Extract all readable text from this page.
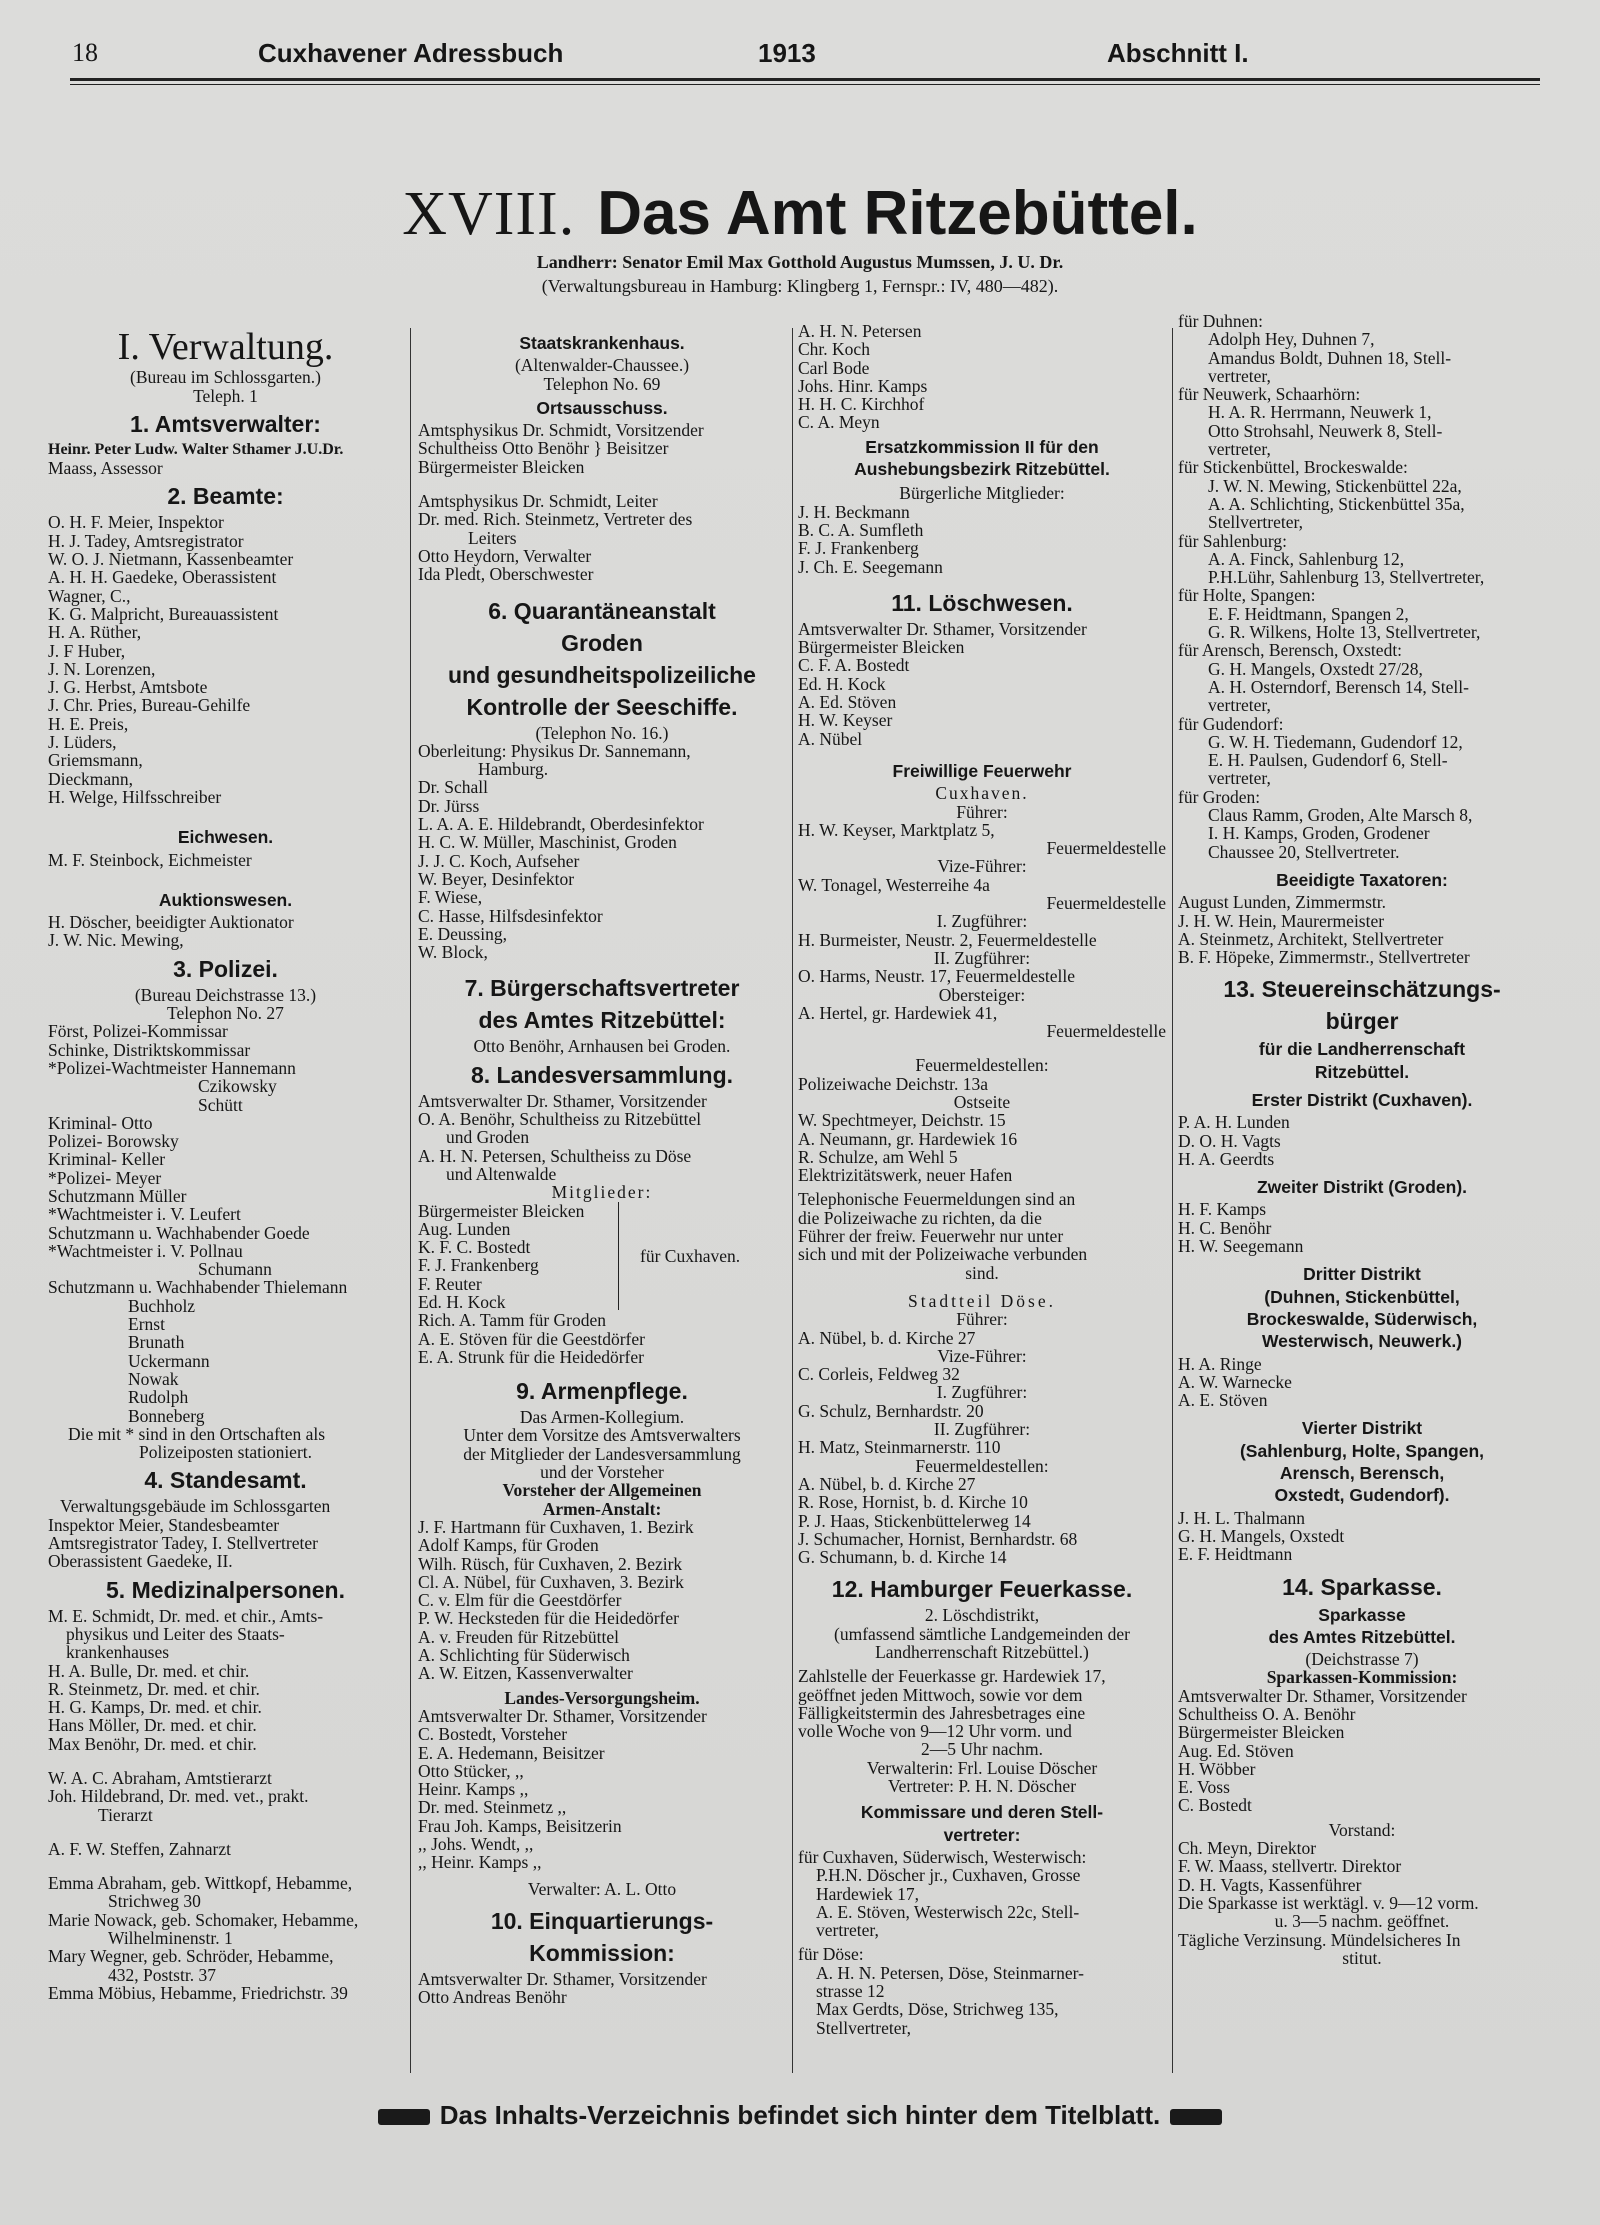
18	Cuxhavener Adressbuch	1913	Abschnitt I.
XVIII. Das Amt Ritzebüttel.
Landherr: Senator Emil Max Gotthold Augustus Mumssen, J. U. Dr.
(Verwaltungsbureau in Hamburg: Klingberg 1, Fernspr.: IV, 480—482).

I. Verwaltung.

(Bureau im Schlossgarten.)

Teleph. 1

1. Amtsverwalter:

Heinr. Peter Ludw. Walter Sthamer J.U.Dr.

Maass, Assessor

2. Beamte:

O. H. F. Meier, Inspektor

H. J. Tadey, Amtsregistrator

W. O. J. Nietmann, Kassenbeamter

A. H. H. Gaedeke, Oberassistent

Wagner, C.,

K. G. Malpricht, Bureauassistent

H. A. Rüther,

J. F Huber,

J. N. Lorenzen,

J. G. Herbst, Amtsbote

J. Chr. Pries, Bureau-Gehilfe

H. E. Preis,

J. Lüders,

Griemsmann,

Dieckmann,

H. Welge, Hilfsschreiber

Eichwesen.

M. F. Steinbock, Eichmeister

Auktionswesen.

H. Döscher, beeidigter Auktionator

J. W. Nic. Mewing,

3. Polizei.

(Bureau Deichstrasse 13.)

Telephon No. 27

Först, Polizei-Kommissar

Schinke, Distriktskommissar

*Polizei-Wachtmeister Hannemann

Czikowsky

Schütt

Kriminal- Otto

Polizei- Borowsky

Kriminal- Keller

*Polizei- Meyer

Schutzmann Müller

*Wachtmeister i. V. Leufert

Schutzmann u. Wachhabender Goede

*Wachtmeister i. V. Pollnau

Schumann

Schutzmann u. Wachhabender Thielemann

Buchholz

Ernst

Brunath

Uckermann

Nowak

Rudolph

Bonneberg

Die mit * sind in den Ortschaften als

Polizeiposten stationiert.

4. Standesamt.

Verwaltungsgebäude im Schlossgarten

Inspektor Meier, Standesbeamter

Amtsregistrator Tadey, I. Stellvertreter

Oberassistent Gaedeke, II.

5. Medizinalpersonen.

M. E. Schmidt, Dr. med. et chir., Amts-

physikus und Leiter des Staats-

krankenhauses

H. A. Bulle, Dr. med. et chir.

R. Steinmetz, Dr. med. et chir.

H. G. Kamps, Dr. med. et chir.

Hans Möller, Dr. med. et chir.

Max Benöhr, Dr. med. et chir.

W. A. C. Abraham, Amtstierarzt

Joh. Hildebrand, Dr. med. vet., prakt.

Tierarzt

A. F. W. Steffen, Zahnarzt

Emma Abraham, geb. Wittkopf, Hebamme,

Strichweg 30

Marie Nowack, geb. Schomaker, Hebamme,

Wilhelminenstr. 1

Mary Wegner, geb. Schröder, Hebamme,

432, Poststr. 37

Emma Möbius, Hebamme, Friedrichstr. 39

Staatskrankenhaus.

(Altenwalder-Chaussee.)

Telephon No. 69

Ortsausschuss.

Amtsphysikus Dr. Schmidt, Vorsitzender

Schultheiss Otto Benöhr } Beisitzer

Bürgermeister Bleicken

Amtsphysikus Dr. Schmidt, Leiter

Dr. med. Rich. Steinmetz, Vertreter des

Leiters

Otto Heydorn, Verwalter

Ida Pledt, Oberschwester

6. Quarantäneanstalt

Groden

und gesundheitspolizeiliche

Kontrolle der Seeschiffe.

(Telephon No. 16.)

Oberleitung: Physikus Dr. Sannemann,

Hamburg.

Dr. Schall

Dr. Jürss

L. A. A. E. Hildebrandt, Oberdesinfektor

H. C. W. Müller, Maschinist, Groden

J. J. C. Koch, Aufseher

W. Beyer, Desinfektor

F. Wiese,

C. Hasse, Hilfsdesinfektor

E. Deussing,

W. Block,

7. Bürgerschaftsvertreter

des Amtes Ritzebüttel:

Otto Benöhr, Arnhausen bei Groden.

8. Landesversammlung.

Amtsverwalter Dr. Sthamer, Vorsitzender

O. A. Benöhr, Schultheiss zu Ritzebüttel

und Groden

A. H. N. Petersen, Schultheiss zu Döse

und Altenwalde

Mitglieder:

Bürgermeister Bleicken

Aug. Lunden

K. F. C. Bostedt

F. J. Frankenberg

F. Reuter

Ed. H. Kock

für Cuxhaven.

Rich. A. Tamm für Groden

A. E. Stöven für die Geestdörfer

E. A. Strunk für die Heidedörfer

9. Armenpflege.

Das Armen-Kollegium.

Unter dem Vorsitze des Amtsverwalters

der Mitglieder der Landesversammlung

und der Vorsteher

Vorsteher der Allgemeinen

Armen-Anstalt:

J. F. Hartmann für Cuxhaven, 1. Bezirk

Adolf Kamps, für Groden

Wilh. Rüsch, für Cuxhaven, 2. Bezirk

Cl. A. Nübel, für Cuxhaven, 3. Bezirk

C. v. Elm für die Geestdörfer

P. W. Hecksteden für die Heidedörfer

A. v. Freuden für Ritzebüttel

A. Schlichting für Süderwisch

A. W. Eitzen, Kassenverwalter

Landes-Versorgungsheim.

Amtsverwalter Dr. Sthamer, Vorsitzender

C. Bostedt, Vorsteher

E. A. Hedemann, Beisitzer

Otto Stücker, ,,

Heinr. Kamps ,,

Dr. med. Steinmetz ,,

Frau Joh. Kamps, Beisitzerin

,, Johs. Wendt, ,,

,, Heinr. Kamps ,,

Verwalter: A. L. Otto

10. Einquartierungs-

Kommission:

Amtsverwalter Dr. Sthamer, Vorsitzender

Otto Andreas Benöhr

A. H. N. Petersen

Chr. Koch

Carl Bode

Johs. Hinr. Kamps

H. H. C. Kirchhof

C. A. Meyn

Ersatzkommission II für den

Aushebungsbezirk Ritzebüttel.

Bürgerliche Mitglieder:

J. H. Beckmann

B. C. A. Sumfleth

F. J. Frankenberg

J. Ch. E. Seegemann

11. Löschwesen.

Amtsverwalter Dr. Sthamer, Vorsitzender

Bürgermeister Bleicken

C. F. A. Bostedt

Ed. H. Kock

A. Ed. Stöven

H. W. Keyser

A. Nübel

Freiwillige Feuerwehr

Cuxhaven.

Führer:

H. W. Keyser, Marktplatz 5,

Feuermeldestelle

Vize-Führer:

W. Tonagel, Westerreihe 4a

Feuermeldestelle

I. Zugführer:

H. Burmeister, Neustr. 2, Feuermeldestelle

II. Zugführer:

O. Harms, Neustr. 17, Feuermeldestelle

Obersteiger:

A. Hertel, gr. Hardewiek 41,

Feuermeldestelle

Feuermeldestellen:

Polizeiwache Deichstr. 13a

Ostseite

W. Spechtmeyer, Deichstr. 15

A. Neumann, gr. Hardewiek 16

R. Schulze, am Wehl 5

Elektrizitätswerk, neuer Hafen

Telephonische Feuermeldungen sind an

die Polizeiwache zu richten, da die

Führer der freiw. Feuerwehr nur unter

sich und mit der Polizeiwache verbunden

sind.

Stadtteil Döse.

Führer:

A. Nübel, b. d. Kirche 27

Vize-Führer:

C. Corleis, Feldweg 32

I. Zugführer:

G. Schulz, Bernhardstr. 20

II. Zugführer:

H. Matz, Steinmarnerstr. 110

Feuermeldestellen:

A. Nübel, b. d. Kirche 27

R. Rose, Hornist, b. d. Kirche 10

P. J. Haas, Stickenbüttelerweg 14

J. Schumacher, Hornist, Bernhardstr. 68

G. Schumann, b. d. Kirche 14

12. Hamburger Feuerkasse.

2. Löschdistrikt,

(umfassend sämtliche Landgemeinden der

Landherrenschaft Ritzebüttel.)

Zahlstelle der Feuerkasse gr. Hardewiek 17,

geöffnet jeden Mittwoch, sowie vor dem

Fälligkeitstermin des Jahresbetrages eine

volle Woche von 9—12 Uhr vorm. und

2—5 Uhr nachm.

Verwalterin: Frl. Louise Döscher

Vertreter: P. H. N. Döscher

Kommissare und deren Stell-

vertreter:

für Cuxhaven, Süderwisch, Westerwisch:

P.H.N. Döscher jr., Cuxhaven, Grosse

Hardewiek 17,

A. E. Stöven, Westerwisch 22c, Stell-

vertreter,

für Döse:

A. H. N. Petersen, Döse, Steinmarner-

strasse 12

Max Gerdts, Döse, Strichweg 135,

Stellvertreter,

für Duhnen:

Adolph Hey, Duhnen 7,

Amandus Boldt, Duhnen 18, Stell-

vertreter,

für Neuwerk, Schaarhörn:

H. A. R. Herrmann, Neuwerk 1,

Otto Strohsahl, Neuwerk 8, Stell-

vertreter,

für Stickenbüttel, Brockeswalde:

J. W. N. Mewing, Stickenbüttel 22a,

A. A. Schlichting, Stickenbüttel 35a,

Stellvertreter,

für Sahlenburg:

A. A. Finck, Sahlenburg 12,

P.H.Lühr, Sahlenburg 13, Stellvertreter,

für Holte, Spangen:

E. F. Heidtmann, Spangen 2,

G. R. Wilkens, Holte 13, Stellvertreter,

für Arensch, Berensch, Oxstedt:

G. H. Mangels, Oxstedt 27/28,

A. H. Osterndorf, Berensch 14, Stell-

vertreter,

für Gudendorf:

G. W. H. Tiedemann, Gudendorf 12,

E. H. Paulsen, Gudendorf 6, Stell-

vertreter,

für Groden:

Claus Ramm, Groden, Alte Marsch 8,

I. H. Kamps, Groden, Grodener

Chaussee 20, Stellvertreter.

Beeidigte Taxatoren:

August Lunden, Zimmermstr.

J. H. W. Hein, Maurermeister

A. Steinmetz, Architekt, Stellvertreter

B. F. Höpeke, Zimmermstr., Stellvertreter

13. Steuereinschätzungs-

bürger

für die Landherrenschaft

Ritzebüttel.

Erster Distrikt (Cuxhaven).

P. A. H. Lunden

D. O. H. Vagts

H. A. Geerdts

Zweiter Distrikt (Groden).

H. F. Kamps

H. C. Benöhr

H. W. Seegemann

Dritter Distrikt

(Duhnen, Stickenbüttel,

Brockeswalde, Süderwisch,

Westerwisch, Neuwerk.)

H. A. Ringe

A. W. Warnecke

A. E. Stöven

Vierter Distrikt

(Sahlenburg, Holte, Spangen,

Arensch, Berensch,

Oxstedt, Gudendorf).

J. H. L. Thalmann

G. H. Mangels, Oxstedt

E. F. Heidtmann

14. Sparkasse.

Sparkasse

des Amtes Ritzebüttel.

(Deichstrasse 7)

Sparkassen-Kommission:

Amtsverwalter Dr. Sthamer, Vorsitzender

Schultheiss O. A. Benöhr

Bürgermeister Bleicken

Aug. Ed. Stöven

H. Wöbber

E. Voss

C. Bostedt

Vorstand:

Ch. Meyn, Direktor

F. W. Maass, stellvertr. Direktor

D. H. Vagts, Kassenführer

Die Sparkasse ist werktägl. v. 9—12 vorm.

u. 3—5 nachm. geöffnet.

Tägliche Verzinsung. Mündelsicheres In

stitut.

Das Inhalts-Verzeichnis befindet sich hinter dem Titelblatt.
